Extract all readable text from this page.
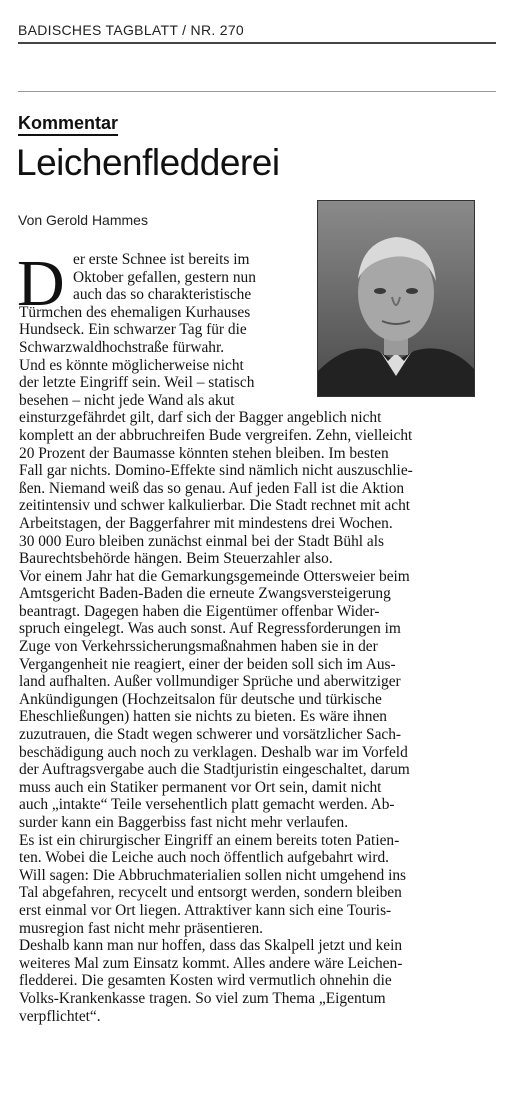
BADISCHES TAGBLATT / NR. 270
Kommentar
Leichenfledderei
Von Gerold Hammes
D er erste Schnee ist bereits im
Oktober gefallen, gestern nun
auch das so charakteristische
Türmchen des ehemaligen Kurhauses
Hundseck. Ein schwarzer Tag für die
Schwarzwaldhochstraße fürwahr.
Und es könnte möglicherweise nicht
der letzte Eingriff sein. Weil – statisch
besehen – nicht jede Wand als akut
einsturzgefährdet gilt, darf sich der Bagger angeblich nicht
komplett an der abbruchreifen Bude vergreifen. Zehn, vielleicht
20 Prozent der Baumasse könnten stehen bleiben. Im besten
Fall gar nichts. Domino-Effekte sind nämlich nicht auszuschlie-
ßen. Niemand weiß das so genau. Auf jeden Fall ist die Aktion
zeitintensiv und schwer kalkulierbar. Die Stadt rechnet mit acht
Arbeitstagen, der Baggerfahrer mit mindestens drei Wochen.
30 000 Euro bleiben zunächst einmal bei der Stadt Bühl als
Baurechtsbehörde hängen. Beim Steuerzahler also.
Vor einem Jahr hat die Gemarkungsgemeinde Ottersweier beim
Amtsgericht Baden-Baden die erneute Zwangsversteigerung
beantragt. Dagegen haben die Eigentümer offenbar Wider-
spruch eingelegt. Was auch sonst. Auf Regressforderungen im
Zuge von Verkehrssicherungsmaßnahmen haben sie in der
Vergangenheit nie reagiert, einer der beiden soll sich im Aus-
land aufhalten. Außer vollmundiger Sprüche und aberwitziger
Ankündigungen (Hochzeitsalon für deutsche und türkische
Eheschließungen) hatten sie nichts zu bieten. Es wäre ihnen
zuzutrauen, die Stadt wegen schwerer und vorsätzlicher Sach-
beschädigung auch noch zu verklagen. Deshalb war im Vorfeld
der Auftragsvergabe auch die Stadtjuristin eingeschaltet, darum
muss auch ein Statiker permanent vor Ort sein, damit nicht
auch „intakte“ Teile versehentlich platt gemacht werden. Ab-
surder kann ein Baggerbiss fast nicht mehr verlaufen.
Es ist ein chirurgischer Eingriff an einem bereits toten Patien-
ten. Wobei die Leiche auch noch öffentlich aufgebahrt wird.
Will sagen: Die Abbruchmaterialien sollen nicht umgehend ins
Tal abgefahren, recycelt und entsorgt werden, sondern bleiben
erst einmal vor Ort liegen. Attraktiver kann sich eine Touris-
musregion fast nicht mehr präsentieren.
Deshalb kann man nur hoffen, dass das Skalpell jetzt und kein
weiteres Mal zum Einsatz kommt. Alles andere wäre Leichen-
fledderei. Die gesamten Kosten wird vermutlich ohnehin die
Volks-Krankenkasse tragen. So viel zum Thema „Eigentum
verpflichtet“.
